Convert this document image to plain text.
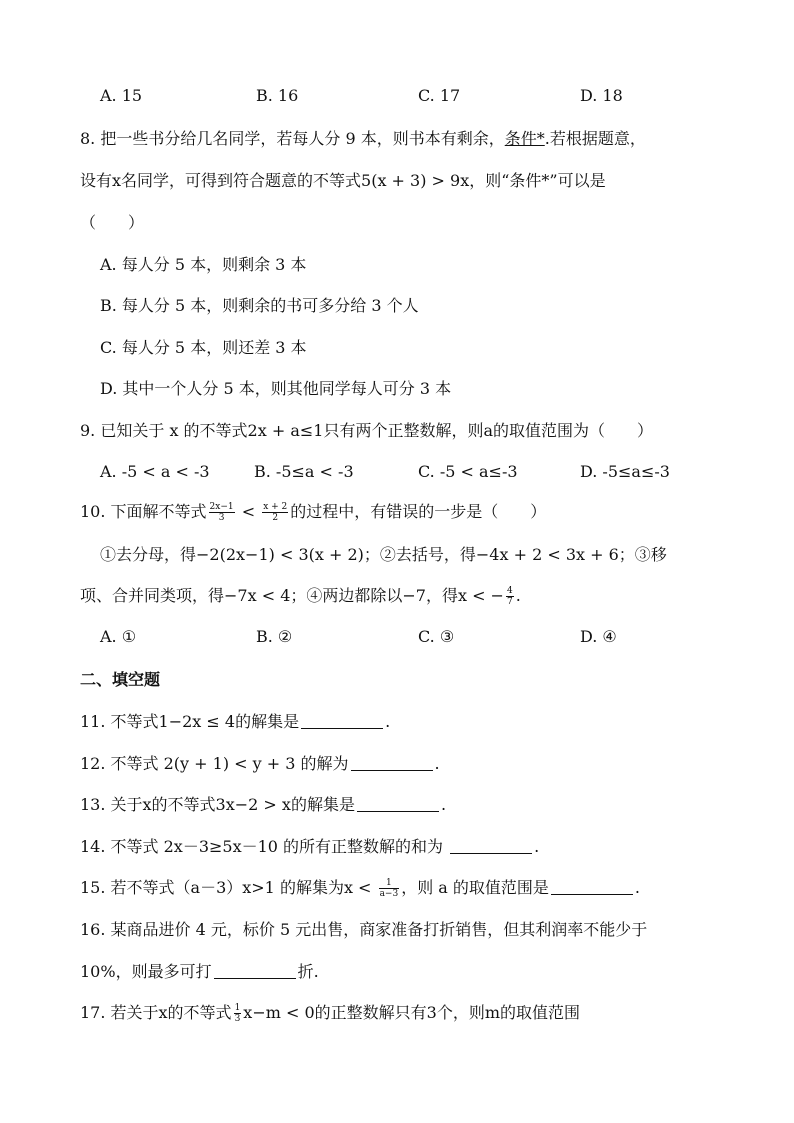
A. 15	B. 16	C. 17	D. 18
8. 把一些书分给几名同学，若每人分 9 本，则书本有剩余，条件*.若根据题意，
设有x名同学，可得到符合题意的不等式5(x + 3) > 9x，则“条件*”可以是
（　　）
A. 每人分 5 本，则剩余 3 本
B. 每人分 5 本，则剩余的书可多分给 3 个人
C. 每人分 5 本，则还差 3 本
D. 其中一个人分 5 本，则其他同学每人可分 3 本
9. 已知关于 x 的不等式2x + a≤1只有两个正整数解，则a的取值范围为（　　）
A. -5 < a < -3	B. -5≤a < -3	C. -5 < a≤-3	D. -5≤a≤-3
10. 下面解不等式 $\frac{2x-1}{3} < \frac{x + 2}{2}$ 的过程中，有错误的一步是（　　）
①去分母，得−2(2x−1) < 3(x + 2)；②去括号，得−4x + 2 < 3x + 6；③移
项、合并同类项，得−7x < 4；④两边都除以−7，得x < − $\frac{4}{7}$ .
A. ①	B. ②	C. ③	D. ④
二、填空题
11. 不等式1−2x ≤ 4的解集是	.
12. 不等式 2(y + 1) < y + 3 的解为	.
13. 关于x的不等式3x−2 > x的解集是	.
14. 不等式 2x－3≥5x－10 的所有正整数解的和为	.
15. 若不等式（a－3）x>1 的解集为$x < \frac{1}{a-3}$ ，则 a 的取值范围是	.
16. 某商品进价 4 元，标价 5 元出售，商家准备打折销售，但其利润率不能少于
10%，则最多可打	折.
17. 若关于x的不等式 $\frac{1}{3} x-m < 0$的正整数解只有3个，则m的取值范围
